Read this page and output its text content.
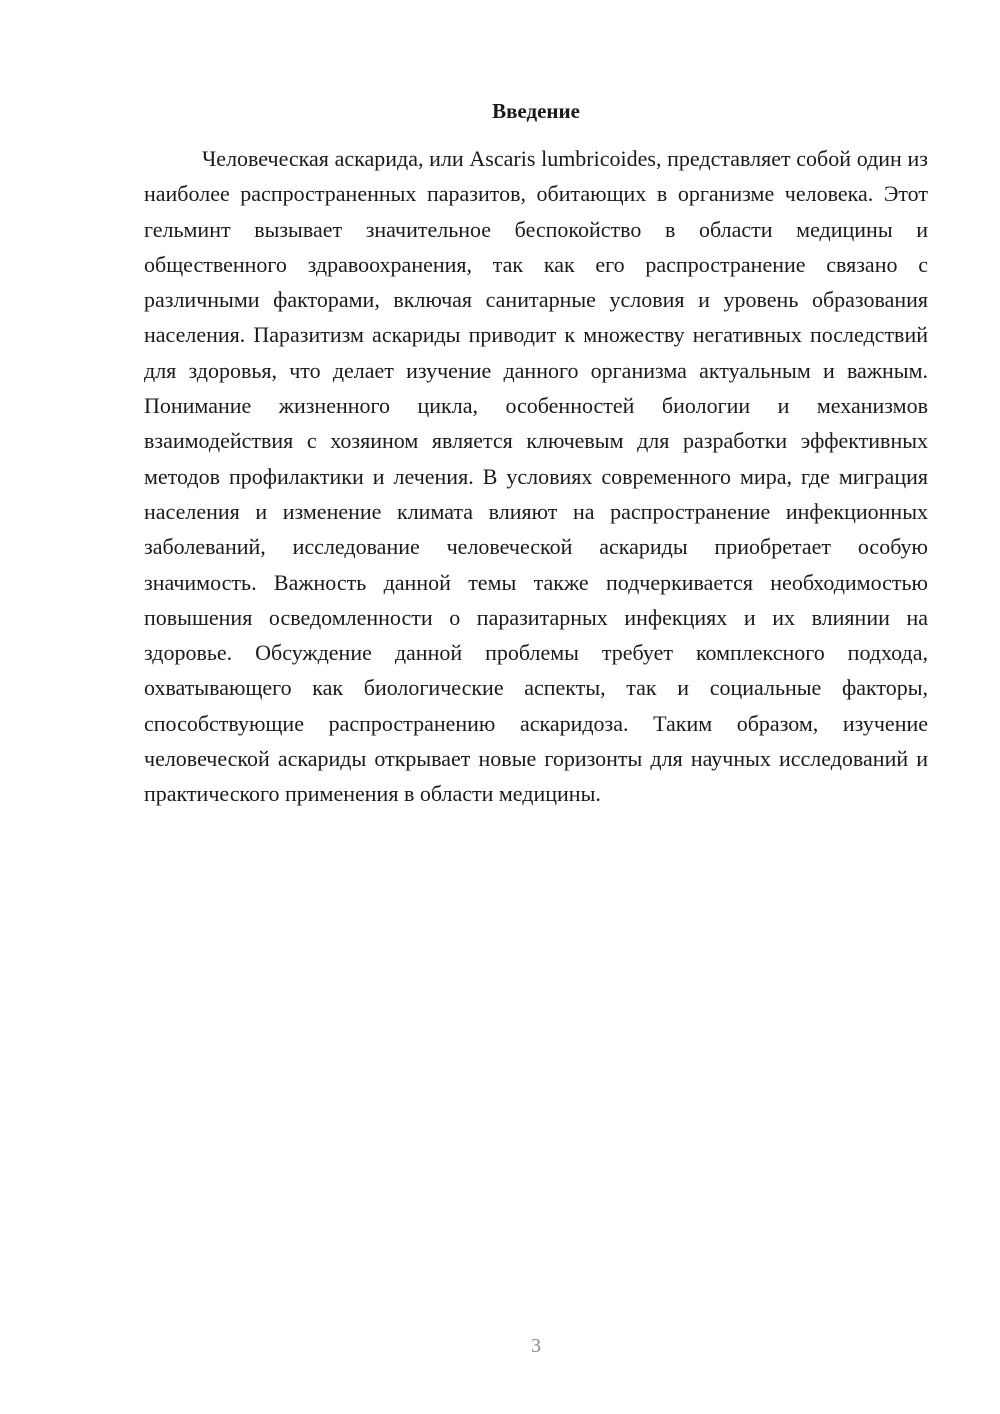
Введение

Человеческая аскарида, или Ascaris lumbricoides, представляет собой один из наиболее распространенных паразитов, обитающих в организме человека. Этот гельминт вызывает значительное беспокойство в области медицины и общественного здравоохранения, так как его распространение связано с различными факторами, включая санитарные условия и уровень образования населения. Паразитизм аскариды приводит к множеству негативных последствий для здоровья, что делает изучение данного организма актуальным и важным. Понимание жизненного цикла, особенностей биологии и механизмов взаимодействия с хозяином является ключевым для разработки эффективных методов профилактики и лечения. В условиях современного мира, где миграция населения и изменение климата влияют на распространение инфекционных заболеваний, исследование человеческой аскариды приобретает особую значимость. Важность данной темы также подчеркивается необходимостью повышения осведомленности о паразитарных инфекциях и их влиянии на здоровье. Обсуждение данной проблемы требует комплексного подхода, охватывающего как биологические аспекты, так и социальные факторы, способствующие распространению аскаридоза. Таким образом, изучение человеческой аскариды открывает новые горизонты для научных исследований и практического применения в области медицины.

3
